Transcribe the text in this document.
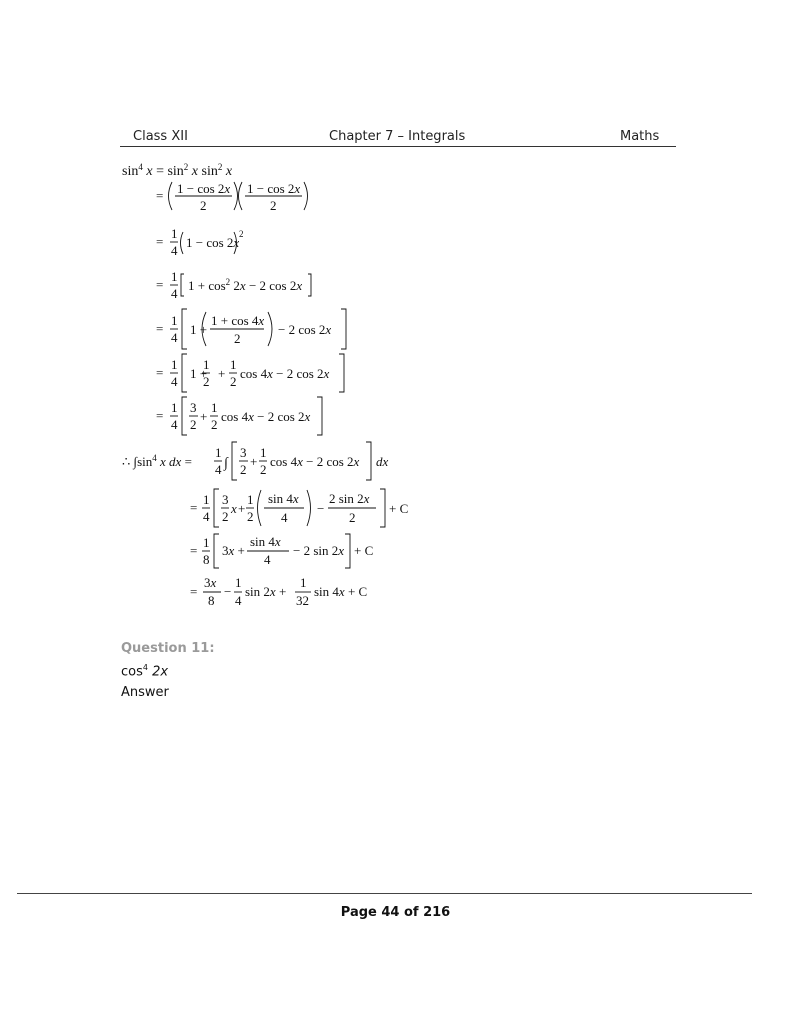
Class XII	Chapter 7 – Integrals	Maths
$\sin^4 x = \sin^2 x$ $\sin^2 x$
= 1 − cos 2x
2
1 − cos 2x
2
=
1
4
1 − cos 2x
2
=
1
4
$1 + \cos^2 2x - 2$ cos 2x
=
1
4
1 +
1 + cos 4x
2
− 2 cos 2x
=
1
4
1 +
1
2
+
1
2
cos 4x − 2 cos 2x
=
1
4
3
2
+
1
2
cos 4x − 2 cos 2x
∴ $\int\sin^4$ x dx =
1
4 ∫
3
2
+
1
2
cos 4x − 2 cos 2x dx
=
1
4
3
2
x +
1
2
sin 4x
4
−
2 sin 2x
2
+ C
=
1
8
3x +
sin 4x
4
− 2 sin 2x + C
=
3x
8
−
1
4
sin 2x +
1
32
sin 4x + C
Question 11:
$\cos^4 2x$
Answer
Page 44 of 216
